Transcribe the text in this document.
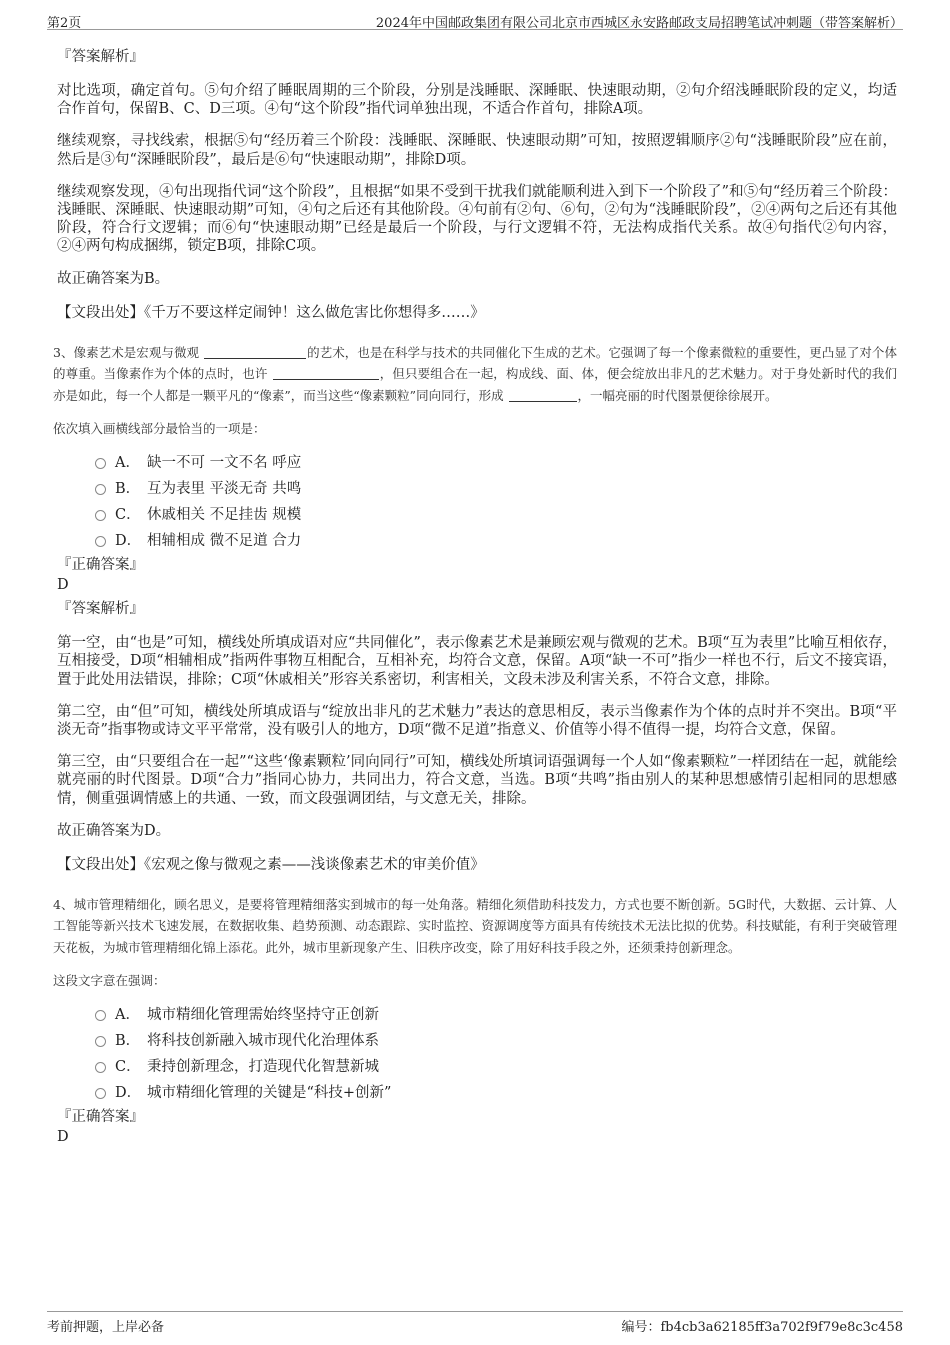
第2页	2024年中国邮政集团有限公司北京市西城区永安路邮政支局招聘笔试冲刺题（带答案解析）
『答案解析』

对比选项，确定首句。⑤句介绍了睡眠周期的三个阶段，分别是浅睡眠、深睡眠、快速眼动期，②句介绍浅睡眠阶段的定义，均适合作首句，保留B、C、D三项。④句“这个阶段”指代词单独出现，不适合作首句，排除A项。

继续观察，寻找线索，根据⑤句“经历着三个阶段：浅睡眠、深睡眠、快速眼动期”可知，按照逻辑顺序②句“浅睡眠阶段”应在前，然后是③句“深睡眠阶段”，最后是⑥句“快速眼动期”，排除D项。

继续观察发现，④句出现指代词“这个阶段”，且根据“如果不受到干扰我们就能顺利进入到下一个阶段了”和⑤句“经历着三个阶段：浅睡眠、深睡眠、快速眼动期”可知，④句之后还有其他阶段。④句前有②句、⑥句，②句为“浅睡眠阶段”，②④两句之后还有其他阶段，符合行文逻辑；而⑥句“快速眼动期”已经是最后一个阶段，与行文逻辑不符，无法构成指代关系。故④句指代②句内容，②④两句构成捆绑，锁定B项，排除C项。

故正确答案为B。

【文段出处】《千万不要这样定闹钟！这么做危害比你想得多……》

3、像素艺术是宏观与微观	的艺术，也是在科学与技术的共同催化下生成的艺术。它强调了每一个像素微粒的重要性，更凸显了对个体的尊重。当像素作为个体的点时，也许	，但只要组合在一起，构成线、面、体，便会绽放出非凡的艺术魅力。对于身处新时代的我们亦是如此，每一个人都是一颗平凡的“像素”，而当这些“像素颗粒”同向同行，形成	，一幅亮丽的时代图景便徐徐展开。

依次填入画横线部分最恰当的一项是：

A． 缺一不可 一文不名 呼应
B． 互为表里 平淡无奇 共鸣
C． 休戚相关 不足挂齿 规模
D． 相辅相成 微不足道 合力
『正确答案』
D
『答案解析』

第一空，由“也是”可知，横线处所填成语对应“共同催化”，表示像素艺术是兼顾宏观与微观的艺术。B项“互为表里”比喻互相依存，互相接受，D项“相辅相成”指两件事物互相配合，互相补充，均符合文意，保留。A项“缺一不可”指少一样也不行，后文不接宾语，置于此处用法错误，排除；C项“休戚相关”形容关系密切，利害相关，文段未涉及利害关系，不符合文意，排除。

第二空，由“但”可知，横线处所填成语与“绽放出非凡的艺术魅力”表达的意思相反，表示当像素作为个体的点时并不突出。B项“平淡无奇”指事物或诗文平平常常，没有吸引人的地方，D项“微不足道”指意义、价值等小得不值得一提，均符合文意，保留。

第三空，由“只要组合在一起”“这些‘像素颗粒’同向同行”可知，横线处所填词语强调每一个人如“像素颗粒”一样团结在一起，就能绘就亮丽的时代图景。D项“合力”指同心协力，共同出力，符合文意，当选。B项“共鸣”指由别人的某种思想感情引起相同的思想感情，侧重强调情感上的共通、一致，而文段强调团结，与文意无关，排除。

故正确答案为D。

【文段出处】《宏观之像与微观之素——浅谈像素艺术的审美价值》

4、城市管理精细化，顾名思义，是要将管理精细落实到城市的每一处角落。精细化须借助科技发力，方式也要不断创新。5G时代，大数据、云计算、人工智能等新兴技术飞速发展，在数据收集、趋势预测、动态跟踪、实时监控、资源调度等方面具有传统技术无法比拟的优势。科技赋能，有利于突破管理天花板，为城市管理精细化锦上添花。此外，城市里新现象产生、旧秩序改变，除了用好科技手段之外，还须秉持创新理念。

这段文字意在强调：

A． 城市精细化管理需始终坚持守正创新
B． 将科技创新融入城市现代化治理体系
C． 秉持创新理念，打造现代化智慧新城
D． 城市精细化管理的关键是“科技+创新”
『正确答案』
D
考前押题，上岸必备	编号：fb4cb3a62185ff3a702f9f79e8c3c458
